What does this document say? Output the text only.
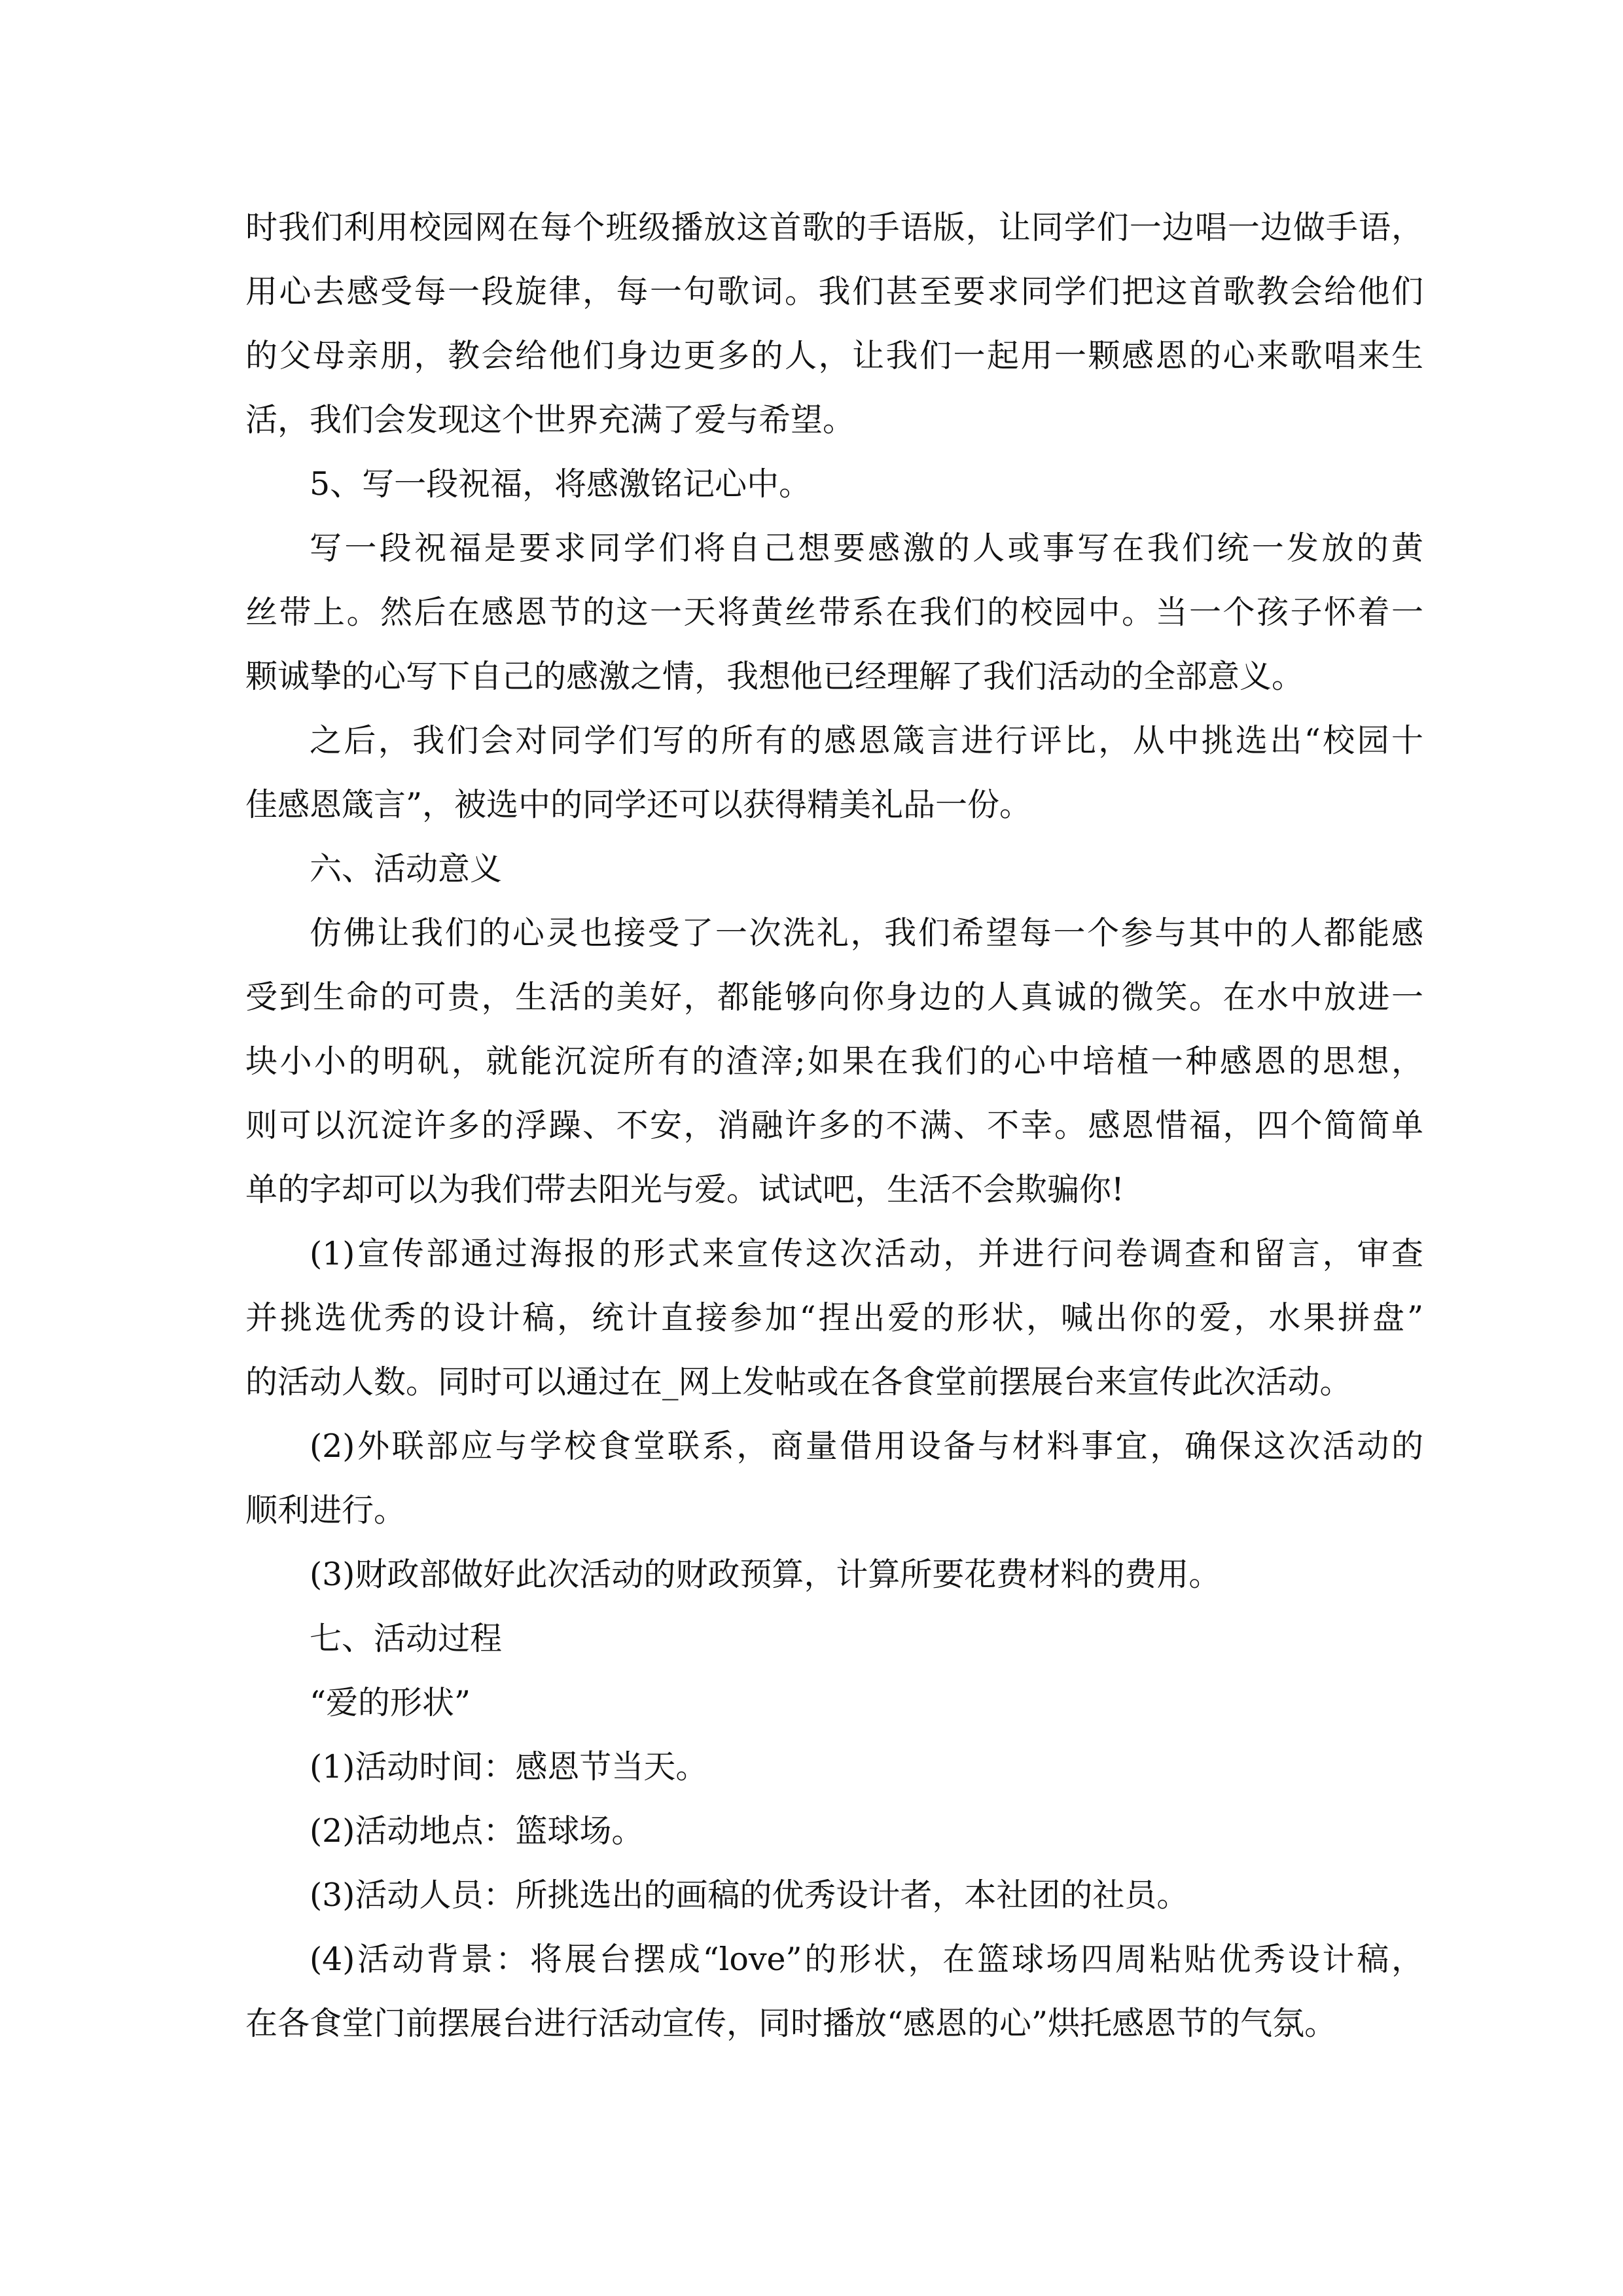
时我们利用校园网在每个班级播放这首歌的手语版，让同学们一边唱一边做手语，
用心去感受每一段旋律，每一句歌词。我们甚至要求同学们把这首歌教会给他们
的父母亲朋，教会给他们身边更多的人，让我们一起用一颗感恩的心来歌唱来生
活，我们会发现这个世界充满了爱与希望。
5、写一段祝福，将感激铭记心中。
写一段祝福是要求同学们将自己想要感激的人或事写在我们统一发放的黄
丝带上。然后在感恩节的这一天将黄丝带系在我们的校园中。当一个孩子怀着一
颗诚挚的心写下自己的感激之情，我想他已经理解了我们活动的全部意义。
之后，我们会对同学们写的所有的感恩箴言进行评比，从中挑选出“校园十
佳感恩箴言”，被选中的同学还可以获得精美礼品一份。
六、活动意义
仿佛让我们的心灵也接受了一次洗礼，我们希望每一个参与其中的人都能感
受到生命的可贵，生活的美好，都能够向你身边的人真诚的微笑。在水中放进一
块小小的明矾，就能沉淀所有的渣滓;如果在我们的心中培植一种感恩的思想，
则可以沉淀许多的浮躁、不安，消融许多的不满、不幸。感恩惜福，四个简简单
单的字却可以为我们带去阳光与爱。试试吧，生活不会欺骗你!
(1)宣传部通过海报的形式来宣传这次活动，并进行问卷调查和留言，审查
并挑选优秀的设计稿，统计直接参加“捏出爱的形状，喊出你的爱，水果拼盘”
的活动人数。同时可以通过在_网上发帖或在各食堂前摆展台来宣传此次活动。
(2)外联部应与学校食堂联系，商量借用设备与材料事宜，确保这次活动的
顺利进行。
(3)财政部做好此次活动的财政预算，计算所要花费材料的费用。
七、活动过程
“爱的形状”
(1)活动时间：感恩节当天。
(2)活动地点：篮球场。
(3)活动人员：所挑选出的画稿的优秀设计者，本社团的社员。
(4)活动背景：将展台摆成“love”的形状，在篮球场四周粘贴优秀设计稿，
在各食堂门前摆展台进行活动宣传，同时播放“感恩的心”烘托感恩节的气氛。
